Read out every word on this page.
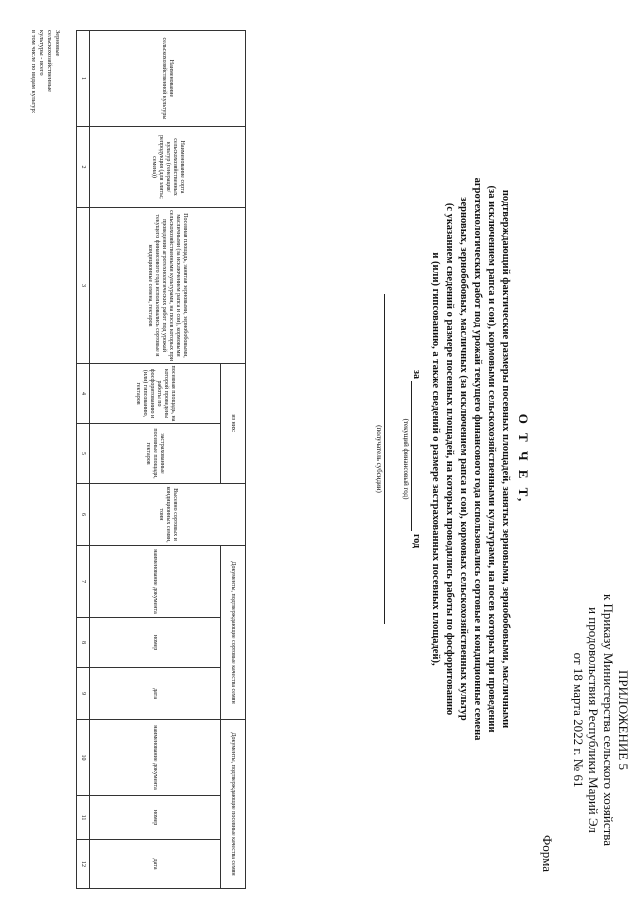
ПРИЛОЖЕНИЕ 5
к Приказу Министерства сельского хозяйства
и продовольствия Республики Марий Эл
от 18 марта 2022 г. № 61
Форма
О Т Ч Е Т,
подтверждающий фактические размеры посевных площадей, занятых зерновыми, зернобобовыми, масличными
(за исключением рапса и сои), кормовыми сельскохозяйственными культурами, на посев которых при проведении
агротехнологических работ под урожай текущего финансового года использовались сортовые и кондиционные семена
зерновых, зернобобовых, масличных (за исключением рапса и сои), кормовых сельскохозяйственных культур
(с указанием сведений о размере посевных площадей, на которых проводились работы по фосфоритованию
и (или) гипсованию, а также сведений о размере застрахованных посевных площадей),
за  год
(текущий финансовый год)
(получатель субсидии)
Наименование сельскохозяйственной культуры	Наименование сорта сельскохозяйственных культур (генерация/ репродукция (для элиты; семена))	Посевная площадь, занятая зерновыми, зернобобовыми, масличными (за исключением рапса и сои), кормовыми сельскохозяйственными культурами, на посев которых при проведении агротехнологических работ под урожай текущего финансового года использовались сортовые и кондиционные семена, гектаров	из них:		Высеяно сортовых и кондиционных семян, тонн	Документы, подтверждающие сортовые качества семян			Документы, подтверждающие посевные качества семян		
			посевная площадь, на которой проведены работы по фосфоритованию и (или) гипсованию, гектаров	застрахованные посевные площади, гектаров		наименование документа	номер	дата	наименование документа	номер	дата

1	2	3	4	5	6	7	8	9	10	11	12
Зерновые
сельскохозяйственные
культуры - всего
в том числе по видам культур:
